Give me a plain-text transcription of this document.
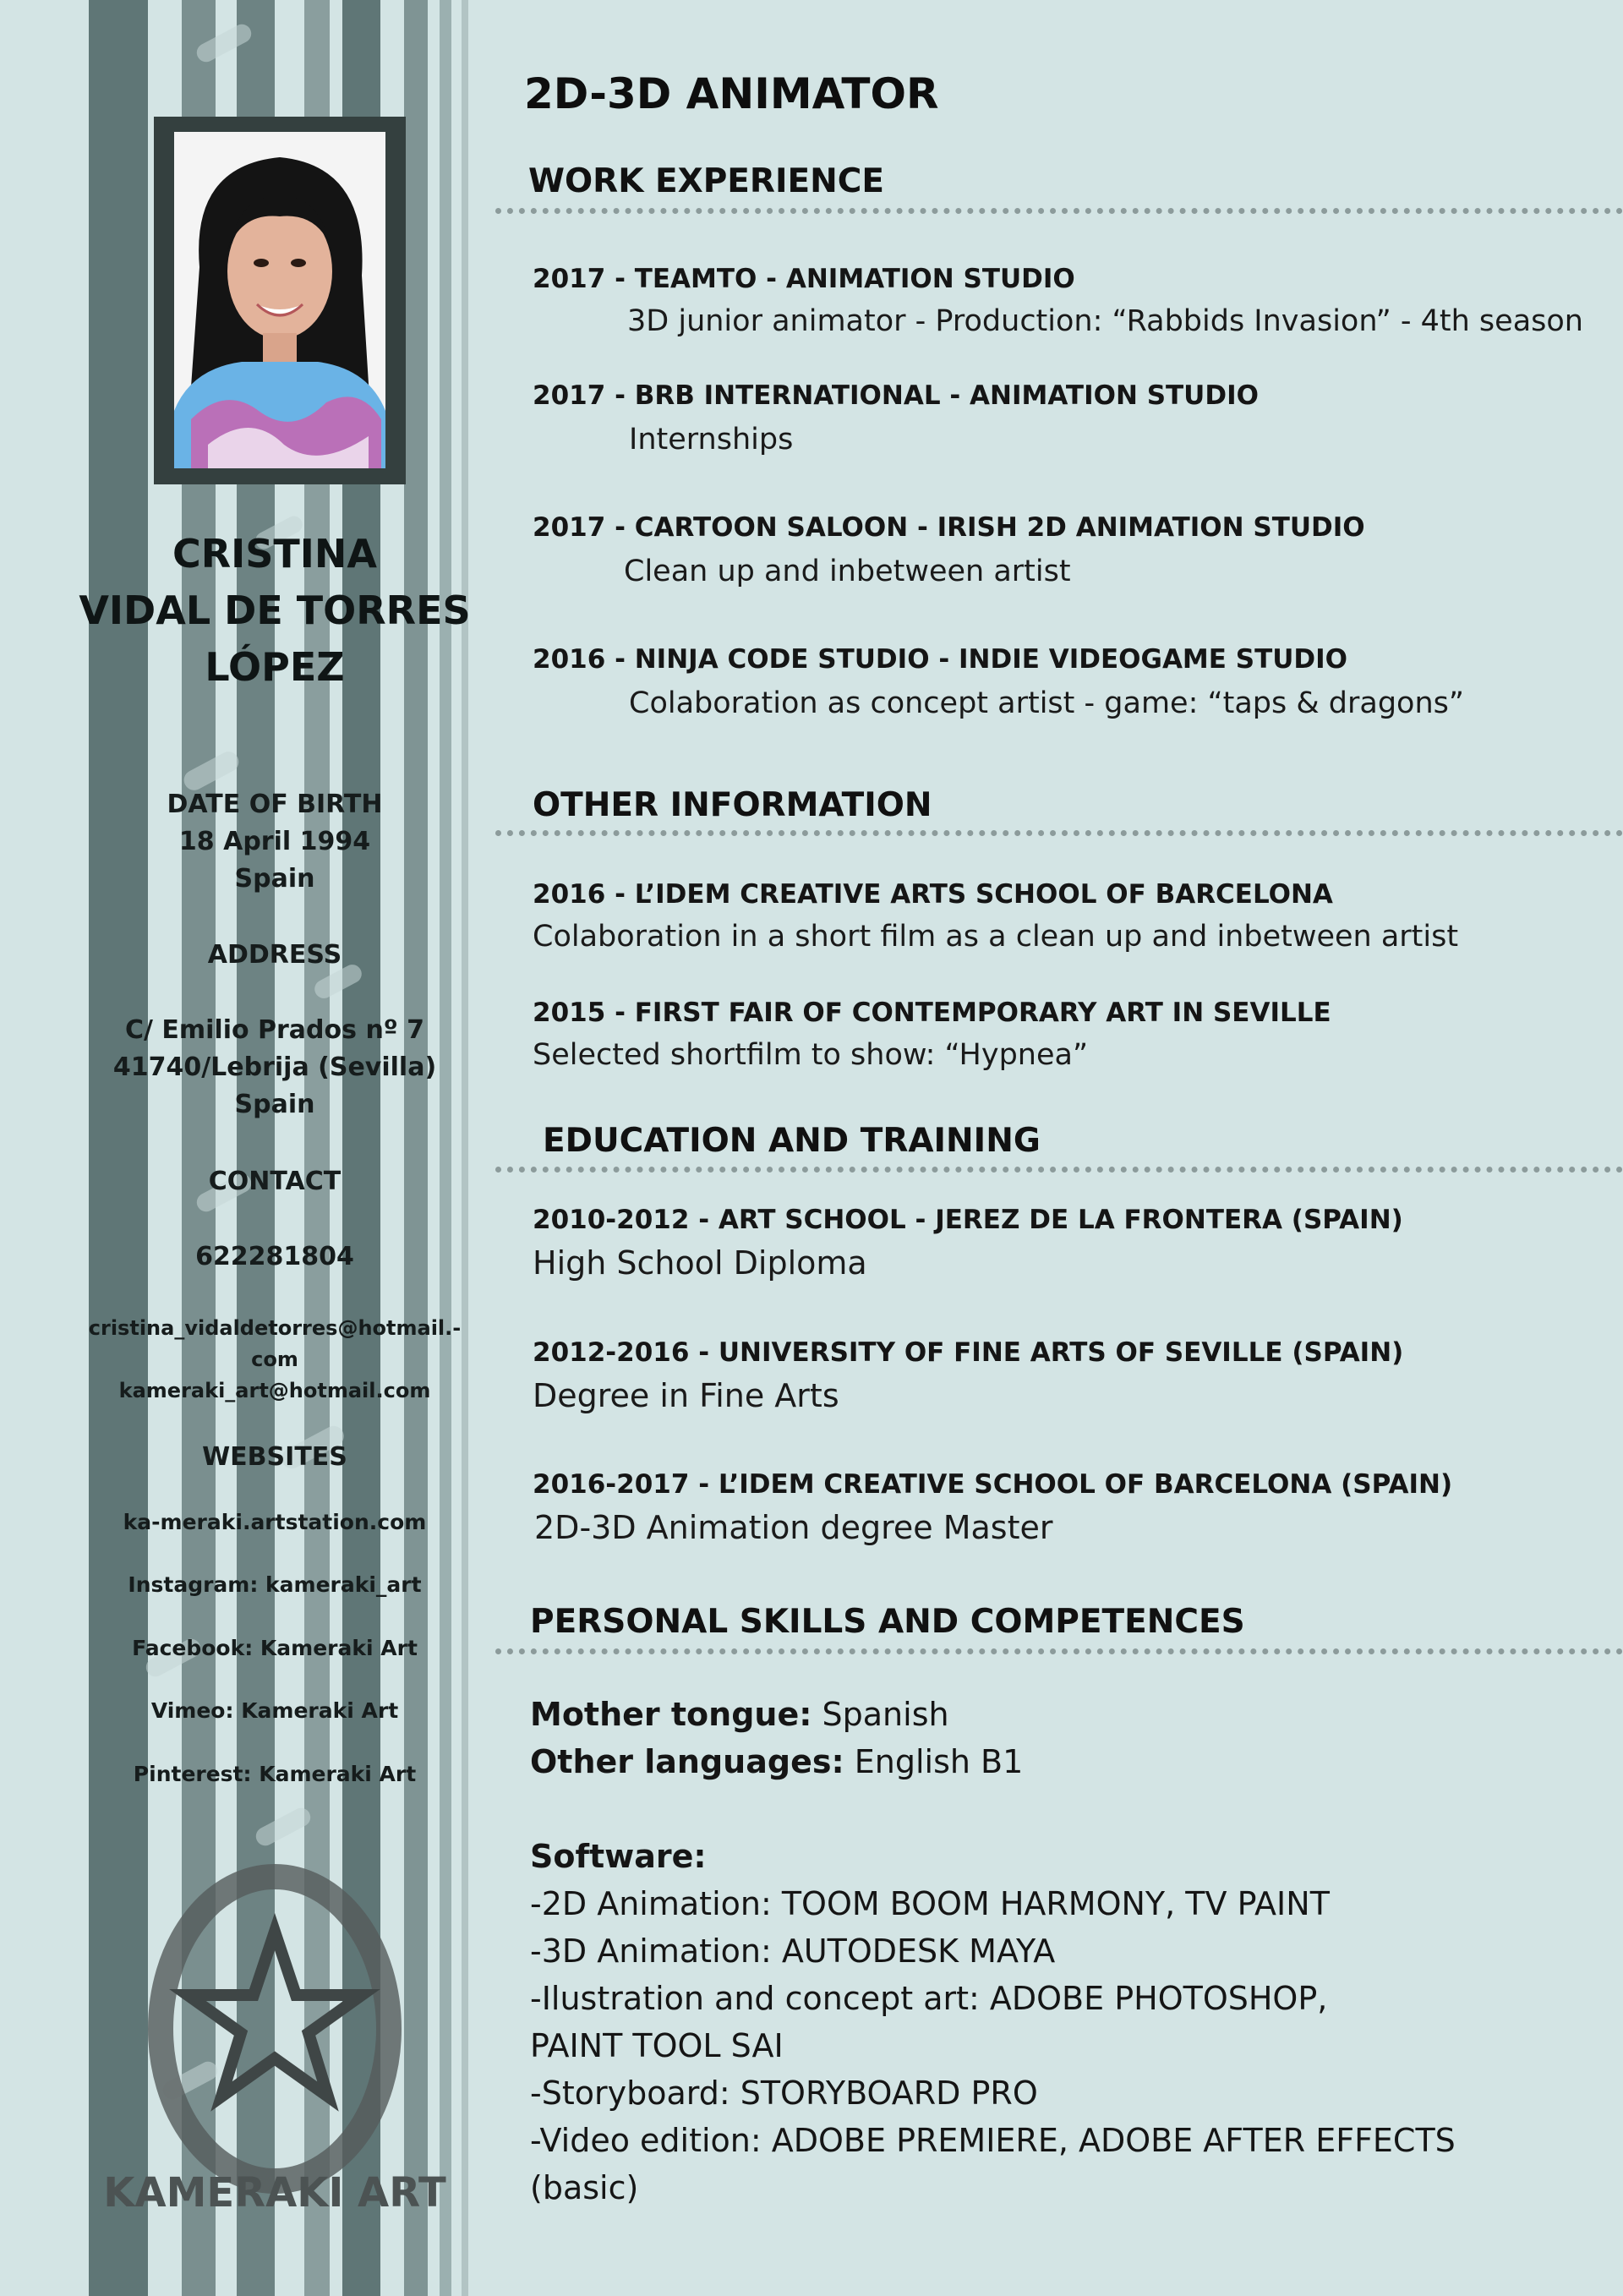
CRISTINA
VIDAL DE TORRES
LÓPEZ
DATE OF BIRTH
18 April 1994
Spain
ADDRESS
C/ Emilio Prados nº 7
41740/Lebrija (Sevilla)
Spain
CONTACT
622281804
cristina_vidaldetorres@hotmail.-
com
kameraki_art@hotmail.com
WEBSITES
ka-meraki.artstation.com
Instagram: kameraki_art
Facebook: Kameraki Art
Vimeo: Kameraki Art
Pinterest: Kameraki Art
KAMERAKI ART
2D-3D ANIMATOR
WORK EXPERIENCE
2017 - TEAMTO - ANIMATION STUDIO
3D junior animator - Production: “Rabbids Invasion” - 4th season
2017 - BRB INTERNATIONAL - ANIMATION STUDIO
Internships
2017 - CARTOON SALOON - IRISH 2D ANIMATION STUDIO
Clean up and inbetween artist
2016 - NINJA CODE STUDIO - INDIE VIDEOGAME STUDIO
Colaboration as concept artist - game: “taps & dragons”
OTHER INFORMATION
2016 - L’IDEM CREATIVE ARTS SCHOOL OF BARCELONA
Colaboration in a short film as a clean up and inbetween artist
2015 - FIRST FAIR OF CONTEMPORARY ART IN SEVILLE
Selected shortfilm to show: “Hypnea”
EDUCATION AND TRAINING
2010-2012 - ART SCHOOL - JEREZ DE LA FRONTERA (SPAIN)
High School Diploma
2012-2016 - UNIVERSITY OF FINE ARTS OF SEVILLE (SPAIN)
Degree in Fine Arts
2016-2017 - L’IDEM CREATIVE SCHOOL OF BARCELONA (SPAIN)
2D-3D Animation degree Master
PERSONAL SKILLS AND COMPETENCES
Mother tongue: Spanish
Other languages: English B1
Software:
-2D Animation: TOOM BOOM HARMONY, TV PAINT
-3D Animation: AUTODESK MAYA
-Ilustration and concept art: ADOBE PHOTOSHOP,
PAINT TOOL SAI
-Storyboard: STORYBOARD PRO
-Video edition: ADOBE PREMIERE, ADOBE AFTER EFFECTS
(basic)
